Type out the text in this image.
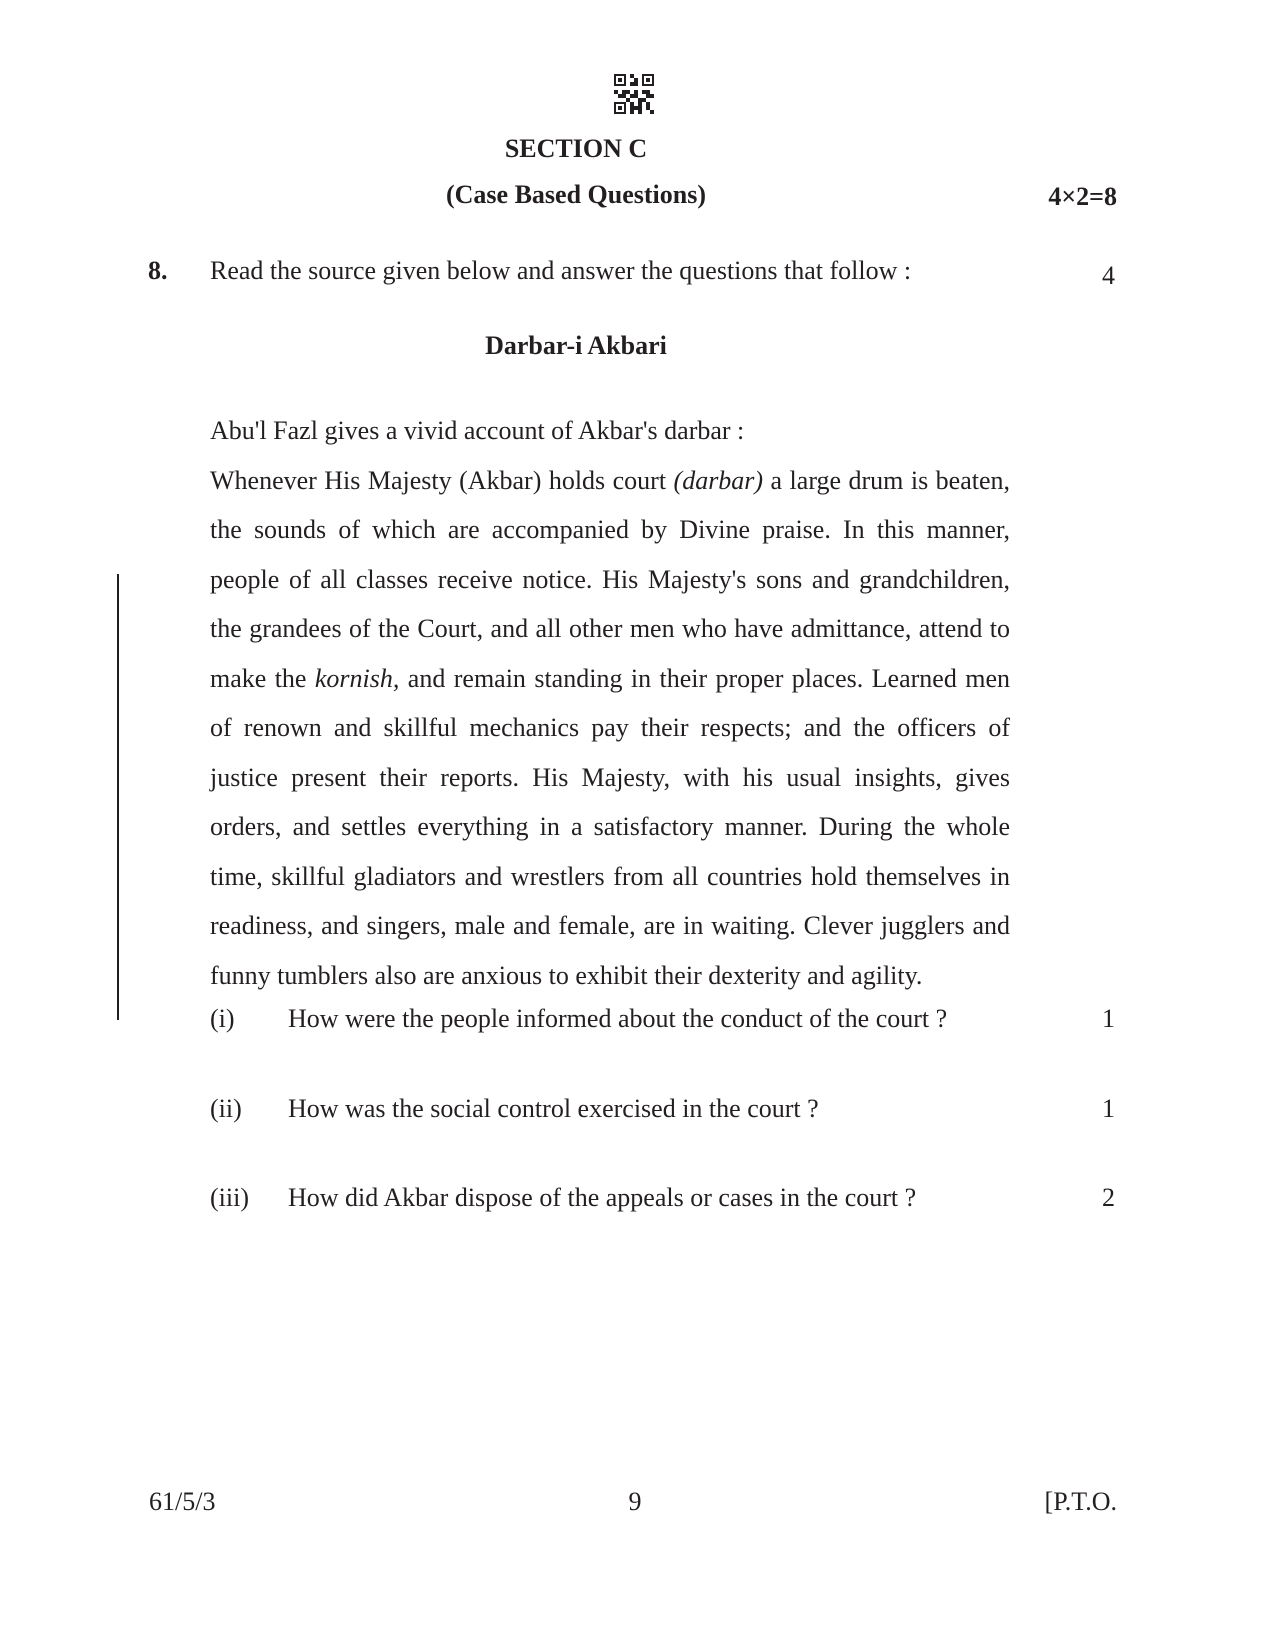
SECTION C
(Case Based Questions)	4×2=8
8. Read the source given below and answer the questions that follow :	4
Darbar-i Akbari
Abu'l Fazl gives a vivid account of Akbar's darbar :
Whenever His Majesty (Akbar) holds court (darbar) a large drum is beaten, the sounds of which are accompanied by Divine praise. In this manner, people of all classes receive notice. His Majesty's sons and grandchildren, the grandees of the Court, and all other men who have admittance, attend to make the kornish, and remain standing in their proper places. Learned men of renown and skillful mechanics pay their respects; and the officers of justice present their reports. His Majesty, with his usual insights, gives orders, and settles everything in a satisfactory manner. During the whole time, skillful gladiators and wrestlers from all countries hold themselves in readiness, and singers, male and female, are in waiting. Clever jugglers and funny tumblers also are anxious to exhibit their dexterity and agility.
(i) How were the people informed about the conduct of the court ?	1
(ii) How was the social control exercised in the court ?	1
(iii) How did Akbar dispose of the appeals or cases in the court ?	2
61/5/3	9	[P.T.O.
